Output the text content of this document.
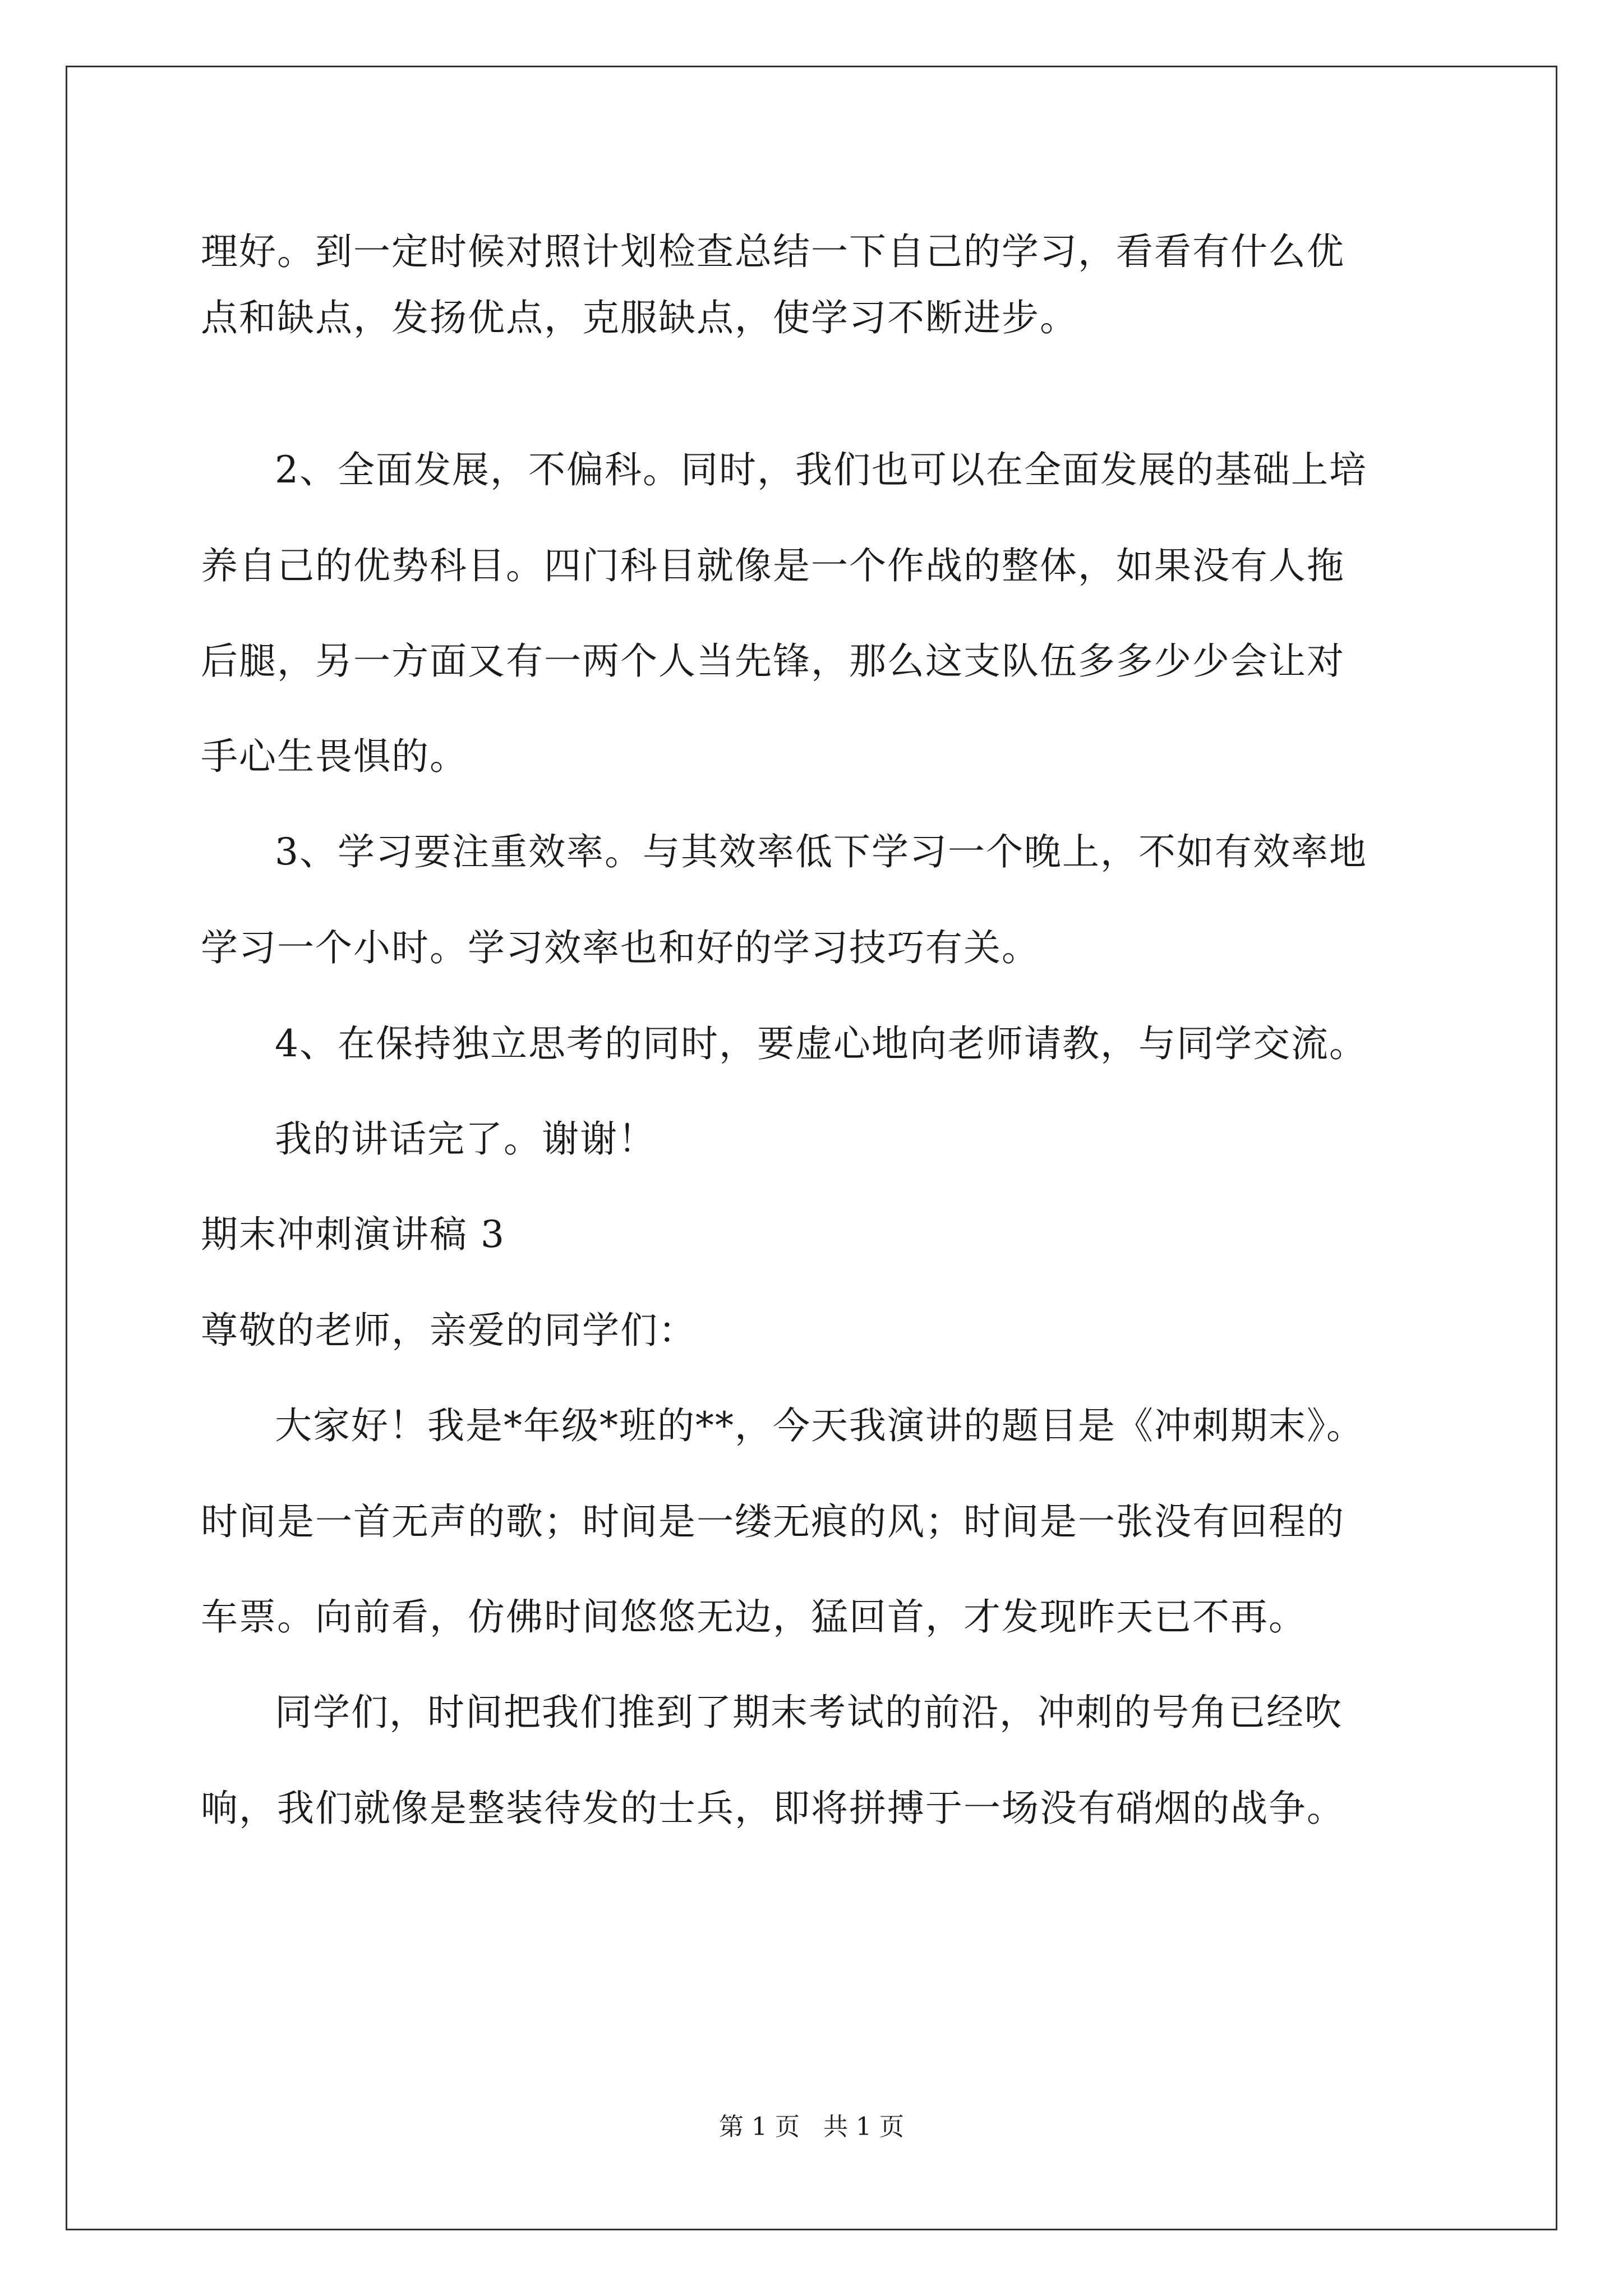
理好。到一定时候对照计划检查总结一下自己的学习，看看有什么优
点和缺点，发扬优点，克服缺点，使学习不断进步。
2、全面发展，不偏科。同时，我们也可以在全面发展的基础上培
养自己的优势科目。四门科目就像是一个作战的整体，如果没有人拖
后腿，另一方面又有一两个人当先锋，那么这支队伍多多少少会让对
手心生畏惧的。
3、学习要注重效率。与其效率低下学习一个晚上，不如有效率地
学习一个小时。学习效率也和好的学习技巧有关。
4、在保持独立思考的同时，要虚心地向老师请教，与同学交流。
我的讲话完了。谢谢！
期末冲刺演讲稿 3
尊敬的老师，亲爱的同学们：
大家好！我是*年级*班的**，今天我演讲的题目是《冲刺期末》。
时间是一首无声的歌；时间是一缕无痕的风；时间是一张没有回程的
车票。向前看，仿佛时间悠悠无边，猛回首，才发现昨天已不再。
同学们，时间把我们推到了期末考试的前沿，冲刺的号角已经吹
响，我们就像是整装待发的士兵，即将拼搏于一场没有硝烟的战争。
第 1 页   共 1 页
